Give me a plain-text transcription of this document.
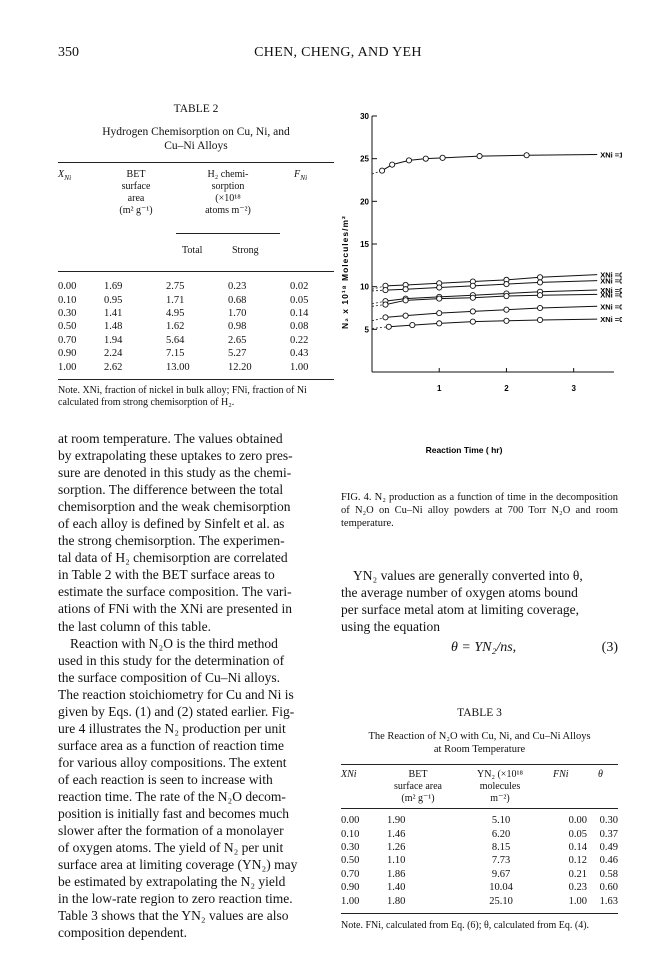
350	CHEN, CHENG, AND YEH
TABLE 2
Hydrogen Chemisorption on Cu, Ni, and
Cu–Ni Alloys
$X_{Ni}$	BET
surface
area
(m² g⁻¹)
H₂ chemi-
sorption
(×10¹⁸
atoms m⁻²)
$F_{Ni}$
Total	Strong
0.00	1.69	2.75	0.23	0.02
0.10	0.95	1.71	0.68	0.05
0.30	1.41	4.95	1.70	0.14
0.50	1.48	1.62	0.98	0.08
0.70	1.94	5.64	2.65	0.22
0.90	2.24	7.15	5.27	0.43
1.00	2.62	13.00	12.20	1.00
Note. XNi, fraction of nickel in bulk alloy; FNi, fraction of Ni calculated from strong chemisorption of H₂.
at room temperature. The values obtained
by extrapolating these uptakes to zero pres-
sure are denoted in this study as the chemi-
sorption. The difference between the total
chemisorption and the weak chemisorption
of each alloy is defined by Sinfelt et al. as
the strong chemisorption. The experimen-
tal data of H₂ chemisorption are correlated
in Table 2 with the BET surface areas to
estimate the surface composition. The vari-
ations of FNi with the XNi are presented in
the last column of this table.
Reaction with N₂O is the third method
used in this study for the determination of
the surface composition of Cu–Ni alloys.
The reaction stoichiometry for Cu and Ni is
given by Eqs. (1) and (2) stated earlier. Fig-
ure 4 illustrates the N₂ production per unit
surface area as a function of reaction time
for various alloy compositions. The extent
of each reaction is seen to increase with
reaction time. The rate of the N₂O decom-
position is initially fast and becomes much
slower after the formation of a monolayer
of oxygen atoms. The yield of N₂ per unit
surface area at limiting coverage (YN₂) may
be estimated by extrapolating the N₂ yield
in the low-rate region to zero reaction time.
Table 3 shows that the YN₂ values are also
composition dependent.
5
10
15
20
25
30
1	2	3
XNi =1
XNi =0
XNi =0
XNi =0
XNi =0
XNi =0
XNi =0
N₂ x 10¹⁸ Molecules/m²
Reaction Time ( hr)
FIG. 4. N₂ production as a function of time in the decomposition of N₂O on Cu–Ni alloy powders at 700 Torr N₂O and room temperature.
YN₂ values are generally converted into θ,
the average number of oxygen atoms bound
per surface metal atom at limiting coverage,
using the equation
θ = YN₂/ns,	(3)
TABLE 3
The Reaction of N₂O with Cu, Ni, and Cu–Ni Alloys
at Room Temperature
XNi	BET
surface area
(m² g⁻¹)
YN₂ (×10¹⁸
molecules
m⁻²)
FNi	θ
0.00	1.90	5.10	0.00	0.30
0.10	1.46	6.20	0.05	0.37
0.30	1.26	8.15	0.14	0.49
0.50	1.10	7.73	0.12	0.46
0.70	1.86	9.67	0.21	0.58
0.90	1.40	10.04	0.23	0.60
1.00	1.80	25.10	1.00	1.63
Note. FNi, calculated from Eq. (6); θ, calculated from Eq. (4).
